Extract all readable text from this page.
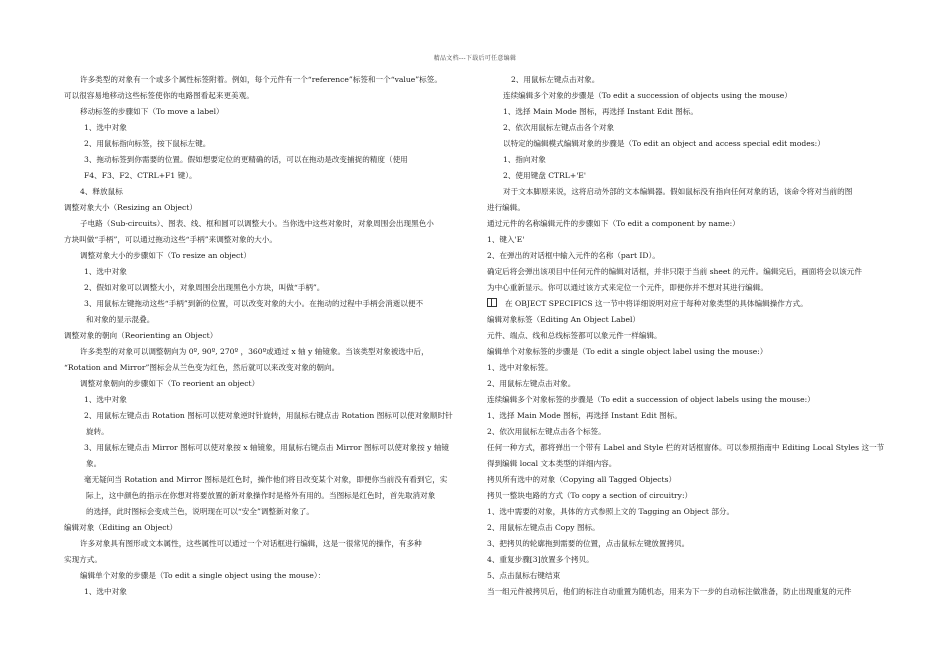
精品文档---下载后可任意编辑
许多类型的对象有一个或多个属性标签附着。例如，每个元件有一个“reference”标签和一个“value”标签。
可以很容易地移动这些标签使你的电路图看起来更美观。
移动标签的步骤如下（To move a label）
1、选中对象
2、用鼠标指向标签，按下鼠标左键。
3、拖动标签到你需要的位置。假如想要定位的更精确的话，可以在拖动是改变捕捉的精度（使用
F4、F3、F2、CTRL+F1 键）。
4、释放鼠标
调整对象大小（Resizing an Object）
子电路（Sub-circuits）、图表、线、框和圆可以调整大小。当你选中这些对象时，对象周围会出现黑色小
方块叫做“手柄”，可以通过拖动这些“手柄”来调整对象的大小。
调整对象大小的步骤如下（To resize an object）
1、选中对象
2、假如对象可以调整大小，对象周围会出现黑色小方块，叫做“手柄”。
3、用鼠标左键拖动这些“手柄”到新的位置，可以改变对象的大小。在拖动的过程中手柄会消逝以便不
和对象的显示混叠。
调整对象的朝向（Reorienting an Object）
许多类型的对象可以调整朝向为 0º, 90º, 270º ，360º或通过 x 轴 y 轴镜象。当该类型对象被选中后，
“Rotation and Mirror”图标会从兰色变为红色，然后就可以来改变对象的朝向。
调整对象朝向的步骤如下（To reorient an object）
1、选中对象
2、用鼠标左键点击 Rotation 图标可以使对象逆时针旋转，用鼠标右键点击 Rotation 图标可以使对象顺时针
旋转。
3、用鼠标左键点击 Mirror 图标可以使对象按 x 轴镜象，用鼠标右键点击 Mirror 图标可以使对象按 y 轴镜
象。
毫无疑问当 Rotation and Mirror 图标是红色时，操作他们将目改变某个对象，即便你当前没有看到它，实
际上，这中颜色的指示在你想对将要放置的新对象操作时是格外有用的。当图标是红色时，首先取消对象
的选择，此时图标会变成兰色，说明现在可以“安全”调整新对象了。
编辑对象（Editing an Object）
许多对象具有图形或文本属性，这些属性可以通过一个对话框进行编辑，这是一很常见的操作，有多种
实现方式。
编辑单个对象的步骤是（To edit a single object using the mouse）：
1、选中对象
2、用鼠标左键点击对象。
连续编辑多个对象的步骤是（To edit a succession of objects using the mouse）
1、选择 Main Mode 图标，再选择 Instant Edit 图标。
2、依次用鼠标左键点击各个对象
以特定的编辑模式编辑对象的步骤是（To edit an object and access special edit modes:）
1、指向对象
2、使用键盘 CTRL+'E'
对于文本脚原来说，这将启动外部的文本编辑器。假如鼠标没有指向任何对象的话，该命令将对当前的图
进行编辑。
通过元件的名称编辑元件的步骤如下（To edit a component by name:）
1、键入'E'
2、在弹出的对话框中输入元件的名称（part ID）。
确定后将会弹出该项目中任何元件的编辑对话框，并非只限于当前 sheet 的元件。编辑完后，画面将会以该元件
为中心重新显示。你可以通过该方式来定位一个元件，即便你并不想对其进行编辑。
在 OBJECT SPECIFICS 这一节中将详细说明对应于每种对象类型的具体编辑操作方式。
编辑对象标签（Editing An Object Label）
元件、端点、线和总线标签都可以象元件一样编辑。
编辑单个对象标签的步骤是（To edit a single object label using the mouse:）
1、选中对象标签。
2、用鼠标左键点击对象。
连续编辑多个对象标签的步骤是（To edit a succession of object labels using the mouse:）
1、选择 Main Mode 图标，再选择 Instant Edit 图标。
2、依次用鼠标左键点击各个标签。
任何一种方式，都将弹出一个带有 Label and Style 栏的对话框窗体。可以参照指南中 Editing Local Styles 这一节
得到编辑 local 文本类型的详细内容。
拷贝所有选中的对象（Copying all Tagged Objects）
拷贝一整块电路的方式（To copy a section of circuitry:）
1、选中需要的对象，具体的方式参照上文的 Tagging an Object 部分。
2、用鼠标左键点击 Copy 图标。
3、把拷贝的轮廓拖到需要的位置，点击鼠标左键放置拷贝。
4、重复步骤[3]放置多个拷贝。
5、点击鼠标右键结束
当一组元件被拷贝后，他们的标注自动重置为随机态，用来为下一步的自动标注做准备，防止出现重复的元件
